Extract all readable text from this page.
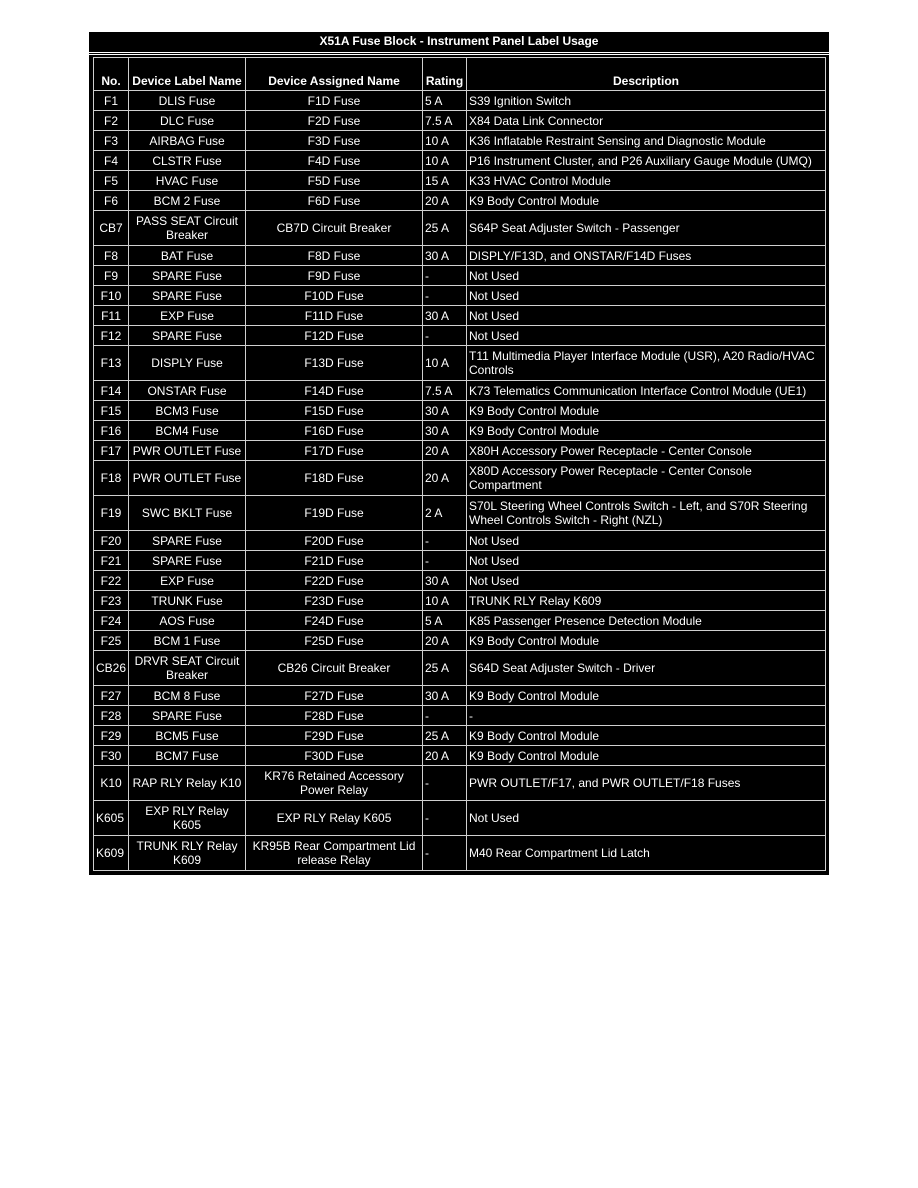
X51A Fuse Block - Instrument Panel Label Usage
No.	Device Label Name	Device Assigned Name	Rating	Description
F1	DLIS Fuse	F1D Fuse	5 A	S39 Ignition Switch
F2	DLC Fuse	F2D Fuse	7.5 A	X84 Data Link Connector
F3	AIRBAG Fuse	F3D Fuse	10 A	K36 Inflatable Restraint Sensing and Diagnostic Module
F4	CLSTR Fuse	F4D Fuse	10 A	P16 Instrument Cluster, and P26 Auxiliary Gauge Module (UMQ)
F5	HVAC Fuse	F5D Fuse	15 A	K33 HVAC Control Module
F6	BCM 2 Fuse	F6D Fuse	20 A	K9 Body Control Module
CB7	PASS SEAT Circuit Breaker	CB7D Circuit Breaker	25 A	S64P Seat Adjuster Switch - Passenger
F8	BAT Fuse	F8D Fuse	30 A	DISPLY/F13D, and ONSTAR/F14D Fuses
F9	SPARE Fuse	F9D Fuse	-	Not Used
F10	SPARE Fuse	F10D Fuse	-	Not Used
F11	EXP Fuse	F11D Fuse	30 A	Not Used
F12	SPARE Fuse	F12D Fuse	-	Not Used
F13	DISPLY Fuse	F13D Fuse	10 A	T11 Multimedia Player Interface Module (USR), A20 Radio/HVAC Controls
F14	ONSTAR Fuse	F14D Fuse	7.5 A	K73 Telematics Communication Interface Control Module (UE1)
F15	BCM3 Fuse	F15D Fuse	30 A	K9 Body Control Module
F16	BCM4 Fuse	F16D Fuse	30 A	K9 Body Control Module
F17	PWR OUTLET Fuse	F17D Fuse	20 A	X80H Accessory Power Receptacle - Center Console
F18	PWR OUTLET Fuse	F18D Fuse	20 A	X80D Accessory Power Receptacle - Center Console Compartment
F19	SWC BKLT Fuse	F19D Fuse	2 A	S70L Steering Wheel Controls Switch - Left, and S70R Steering Wheel Controls Switch - Right (NZL)
F20	SPARE Fuse	F20D Fuse	-	Not Used
F21	SPARE Fuse	F21D Fuse	-	Not Used
F22	EXP Fuse	F22D Fuse	30 A	Not Used
F23	TRUNK Fuse	F23D Fuse	10 A	TRUNK RLY Relay K609
F24	AOS Fuse	F24D Fuse	5 A	K85 Passenger Presence Detection Module
F25	BCM 1 Fuse	F25D Fuse	20 A	K9 Body Control Module
CB26	DRVR SEAT Circuit Breaker	CB26 Circuit Breaker	25 A	S64D Seat Adjuster Switch - Driver
F27	BCM 8 Fuse	F27D Fuse	30 A	K9 Body Control Module
F28	SPARE Fuse	F28D Fuse	-	-
F29	BCM5 Fuse	F29D Fuse	25 A	K9 Body Control Module
F30	BCM7 Fuse	F30D Fuse	20 A	K9 Body Control Module
K10	RAP RLY Relay K10	KR76 Retained Accessory Power Relay	-	PWR OUTLET/F17, and PWR OUTLET/F18 Fuses
K605	EXP RLY Relay K605	EXP RLY Relay K605	-	Not Used
K609	TRUNK RLY Relay K609	KR95B Rear Compartment Lid release Relay	-	M40 Rear Compartment Lid Latch
